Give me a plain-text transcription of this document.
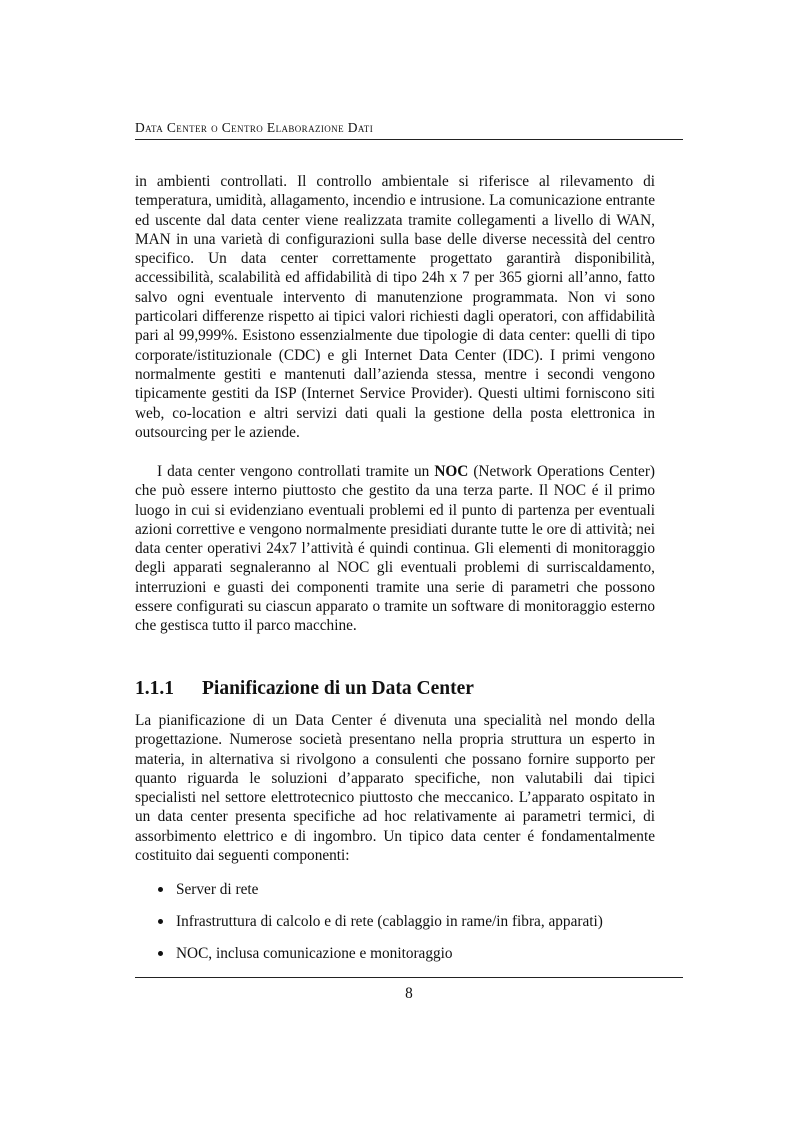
Data Center o Centro Elaborazione Dati

in ambienti controllati. Il controllo ambientale si riferisce al rilevamento di temperatura, umidità, allagamento, incendio e intrusione. La comunicazione entrante ed uscente dal data center viene realizzata tramite collegamenti a livello di WAN, MAN in una varietà di configurazioni sulla base delle diverse necessità del centro specifico. Un data center correttamente progettato garantirà disponibilità, accessibilità, scalabilità ed affidabilità di tipo 24h x 7 per 365 giorni all’anno, fatto salvo ogni eventuale intervento di manutenzione programmata. Non vi sono particolari differenze rispetto ai tipici valori richiesti dagli operatori, con affidabilità pari al 99,999%. Esistono essenzialmente due tipologie di data center: quelli di tipo corporate/istituzionale (CDC) e gli Internet Data Center (IDC). I primi vengono normalmente gestiti e mantenuti dall’azienda stessa, mentre i secondi vengono tipicamente gestiti da ISP (Internet Service Provider). Questi ultimi forniscono siti web, co-location e altri servizi dati quali la gestione della posta elettronica in outsourcing per le aziende.

I data center vengono controllati tramite un NOC (Network Operations Center) che può essere interno piuttosto che gestito da una terza parte. Il NOC é il primo luogo in cui si evidenziano eventuali problemi ed il punto di partenza per eventuali azioni correttive e vengono normalmente presidiati durante tutte le ore di attività; nei data center operativi 24x7 l’attività é quindi continua. Gli elementi di monitoraggio degli apparati segnaleranno al NOC gli eventuali problemi di surriscaldamento, interruzioni e guasti dei componenti tramite una serie di parametri che possono essere configurati su ciascun apparato o tramite un software di monitoraggio esterno che gestisca tutto il parco macchine.

1.1.1 Pianificazione di un Data Center

La pianificazione di un Data Center é divenuta una specialità nel mondo della progettazione. Numerose società presentano nella propria struttura un esperto in materia, in alternativa si rivolgono a consulenti che possano fornire supporto per quanto riguarda le soluzioni d’apparato specifiche, non valutabili dai tipici specialisti nel settore elettrotecnico piuttosto che meccanico. L’apparato ospitato in un data center presenta specifiche ad hoc relativamente ai parametri termici, di assorbimento elettrico e di ingombro. Un tipico data center é fondamentalmente costituito dai seguenti componenti:

Server di rete
Infrastruttura di calcolo e di rete (cablaggio in rame/in fibra, apparati)
NOC, inclusa comunicazione e monitoraggio
8
